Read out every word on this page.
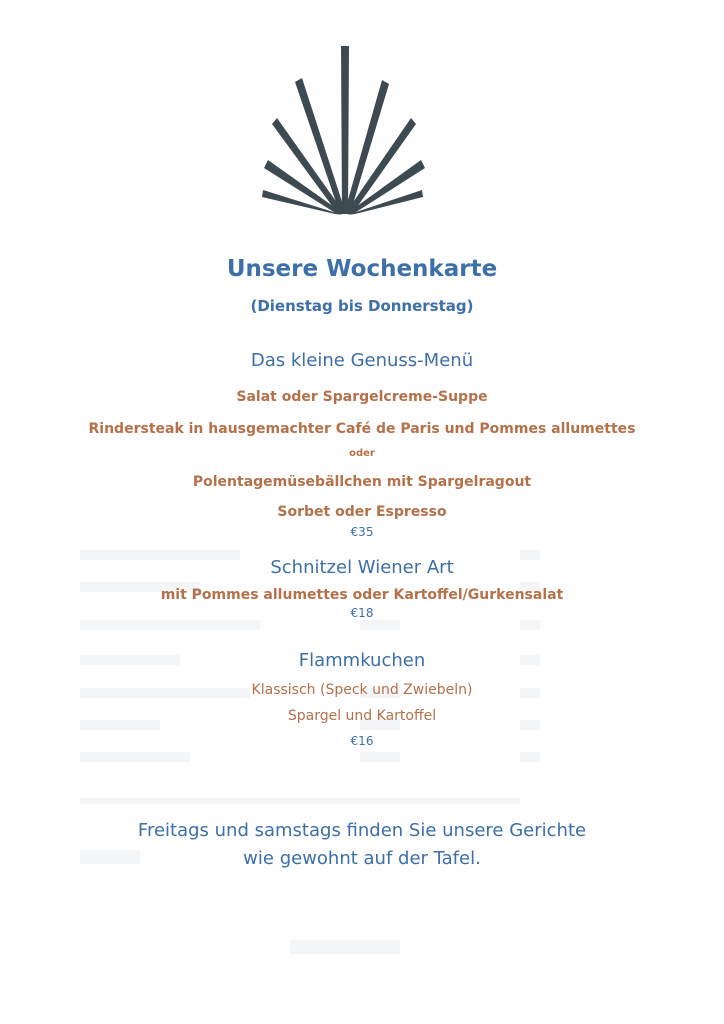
Unsere Wochenkarte
(Dienstag bis Donnerstag)
Das kleine Genuss-Menü
Salat oder Spargelcreme-Suppe
Rindersteak in hausgemachter Café de Paris und Pommes allumettes
oder
Polentagemüsebällchen mit Spargelragout
Sorbet oder Espresso
€35
Schnitzel Wiener Art
mit Pommes allumettes oder Kartoffel/Gurkensalat
€18
Flammkuchen
Klassisch (Speck und Zwiebeln)
Spargel und Kartoffel
€16
Freitags und samstags finden Sie unsere Gerichte
wie gewohnt auf der Tafel.
